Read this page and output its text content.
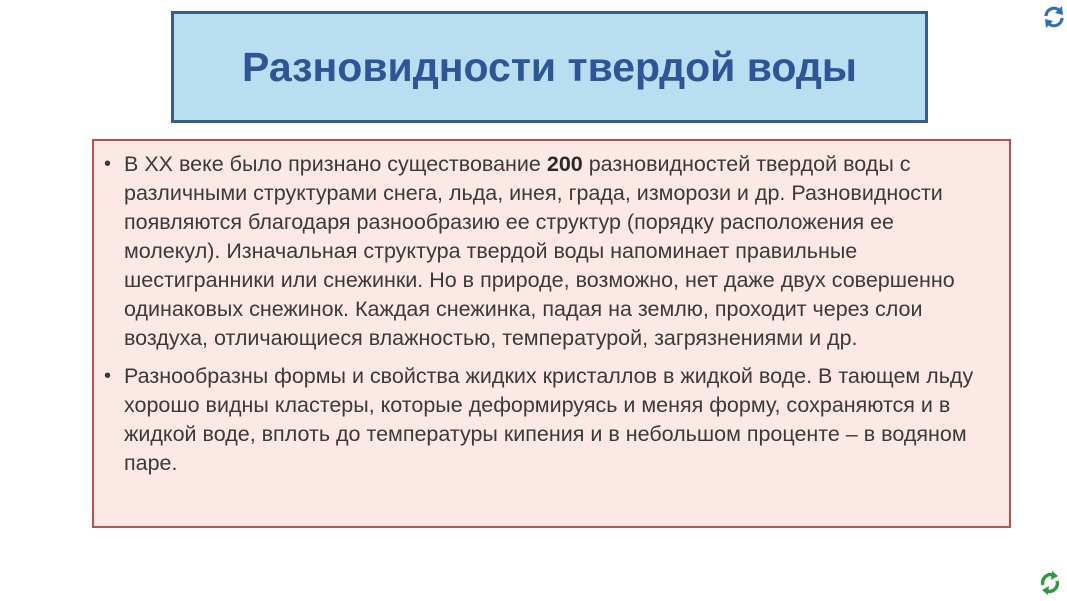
Разновидности твердой воды
• В XX веке было признано существование 200 разновидностей твердой воды с различными структурами снега, льда, инея, града, изморози и др. Разновидности появляются благодаря разнообразию ее структур (порядку расположения ее молекул). Изначальная структура твердой воды напоминает правильные шестигранники или снежинки. Но в природе, возможно, нет даже двух совершенно одинаковых снежинок. Каждая снежинка, падая на землю, проходит через слои воздуха, отличающиеся влажностью, температурой, загрязнениями и др.
• Разнообразны формы и свойства жидких кристаллов в жидкой воде. В тающем льду хорошо видны кластеры, которые деформируясь и меняя форму, сохраняются и в жидкой воде, вплоть до температуры кипения и в небольшом проценте – в водяном паре.
